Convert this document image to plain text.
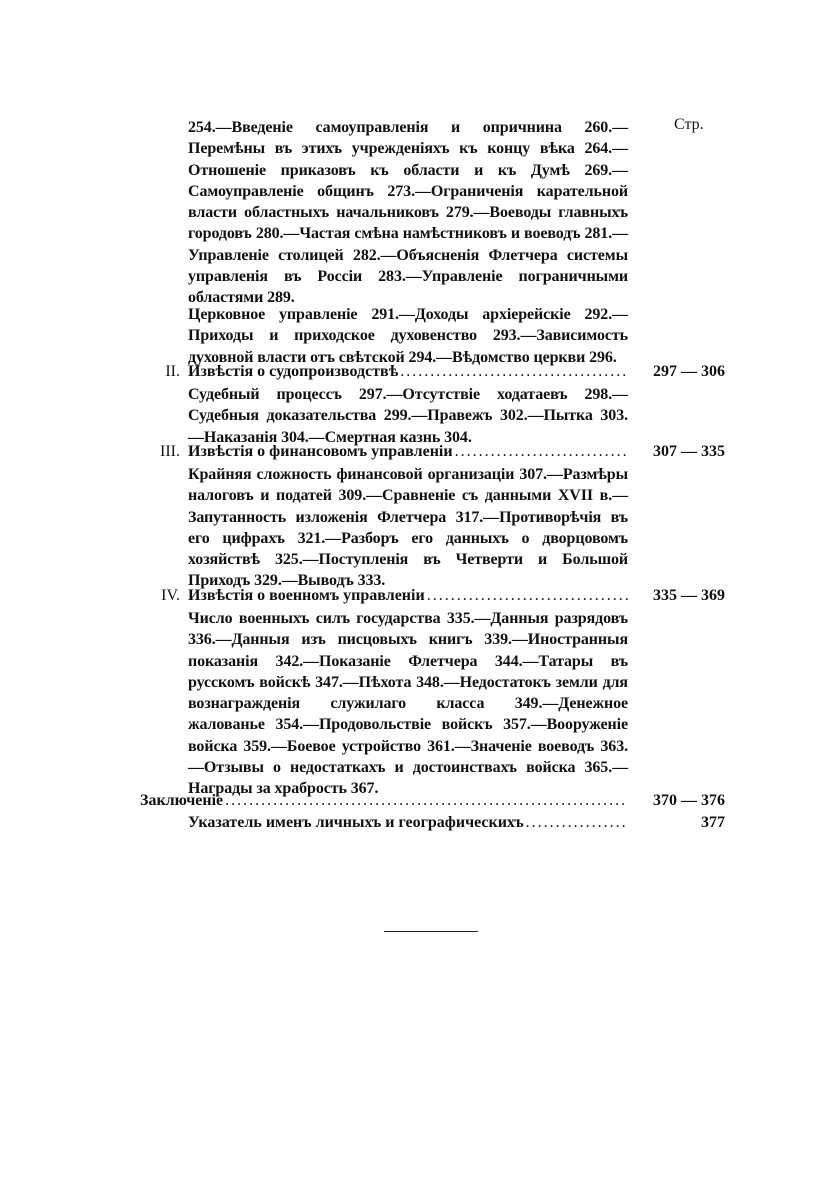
Стр.
254.—Введеніе самоуправленія и опричнина 260.—Перемѣны въ этихъ учрежденіяхъ къ концу вѣка 264.—Отношеніе приказовъ къ области и къ Думѣ 269.—Самоуправленіе общинъ 273.—Ограниченія карательной власти областныхъ начальниковъ 279.—Воеводы главныхъ городовъ 280.—Частая смѣна намѣстниковъ и воеводъ 281.—Управленіе столицей 282.—Объясненія Флетчера системы управленія въ Россіи 283.—Управленіе пограничными областями 289.
Церковное управленіе 291.—Доходы архіерейскіе 292.—Приходы и приходское духовенство 293.—Зависимость духовной власти отъ свѣтской 294.—Вѣдомство церкви 296.
II. Извѣстія о судопроизводствѣ .....	297 — 306
Судебный процессъ 297.—Отсутствіе ходатаевъ 298.—Судебныя доказательства 299.—Правежъ 302.—Пытка 303.—Наказанія 304.—Смертная казнь 304.
III. Извѣстія о финансовомъ управленіи .....	307 — 335
Крайняя сложность финансовой организаціи 307.—Размѣры налоговъ и податей 309.—Сравненіе съ данными XVII в.—Запутанность изложенія Флетчера 317.—Противорѣчія въ его цифрахъ 321.—Разборъ его данныхъ о дворцовомъ хозяйствѣ 325.—Поступленія въ Четверти и Большой Приходъ 329.—Выводъ 333.
IV. Извѣстія о военномъ управленіи .....	335 — 369
Число военныхъ силъ государства 335.—Данныя разрядовъ 336.—Данныя изъ писцовыхъ книгъ 339.—Иностранныя показанія 342.—Показаніе Флетчера 344.—Татары въ русскомъ войскѣ 347.—Пѣхота 348.—Недостатокъ земли для вознагражденія служилаго класса 349.—Денежное жалованье 354.—Продовольствіе войскъ 357.—Вооруженіе войска 359.—Боевое устройство 361.—Значеніе воеводъ 363.—Отзывы о недостаткахъ и достоинствахъ войска 365.—Награды за храбрость 367.
Заключеніе .....	370 — 376
Указатель именъ личныхъ и географическихъ .....	377
